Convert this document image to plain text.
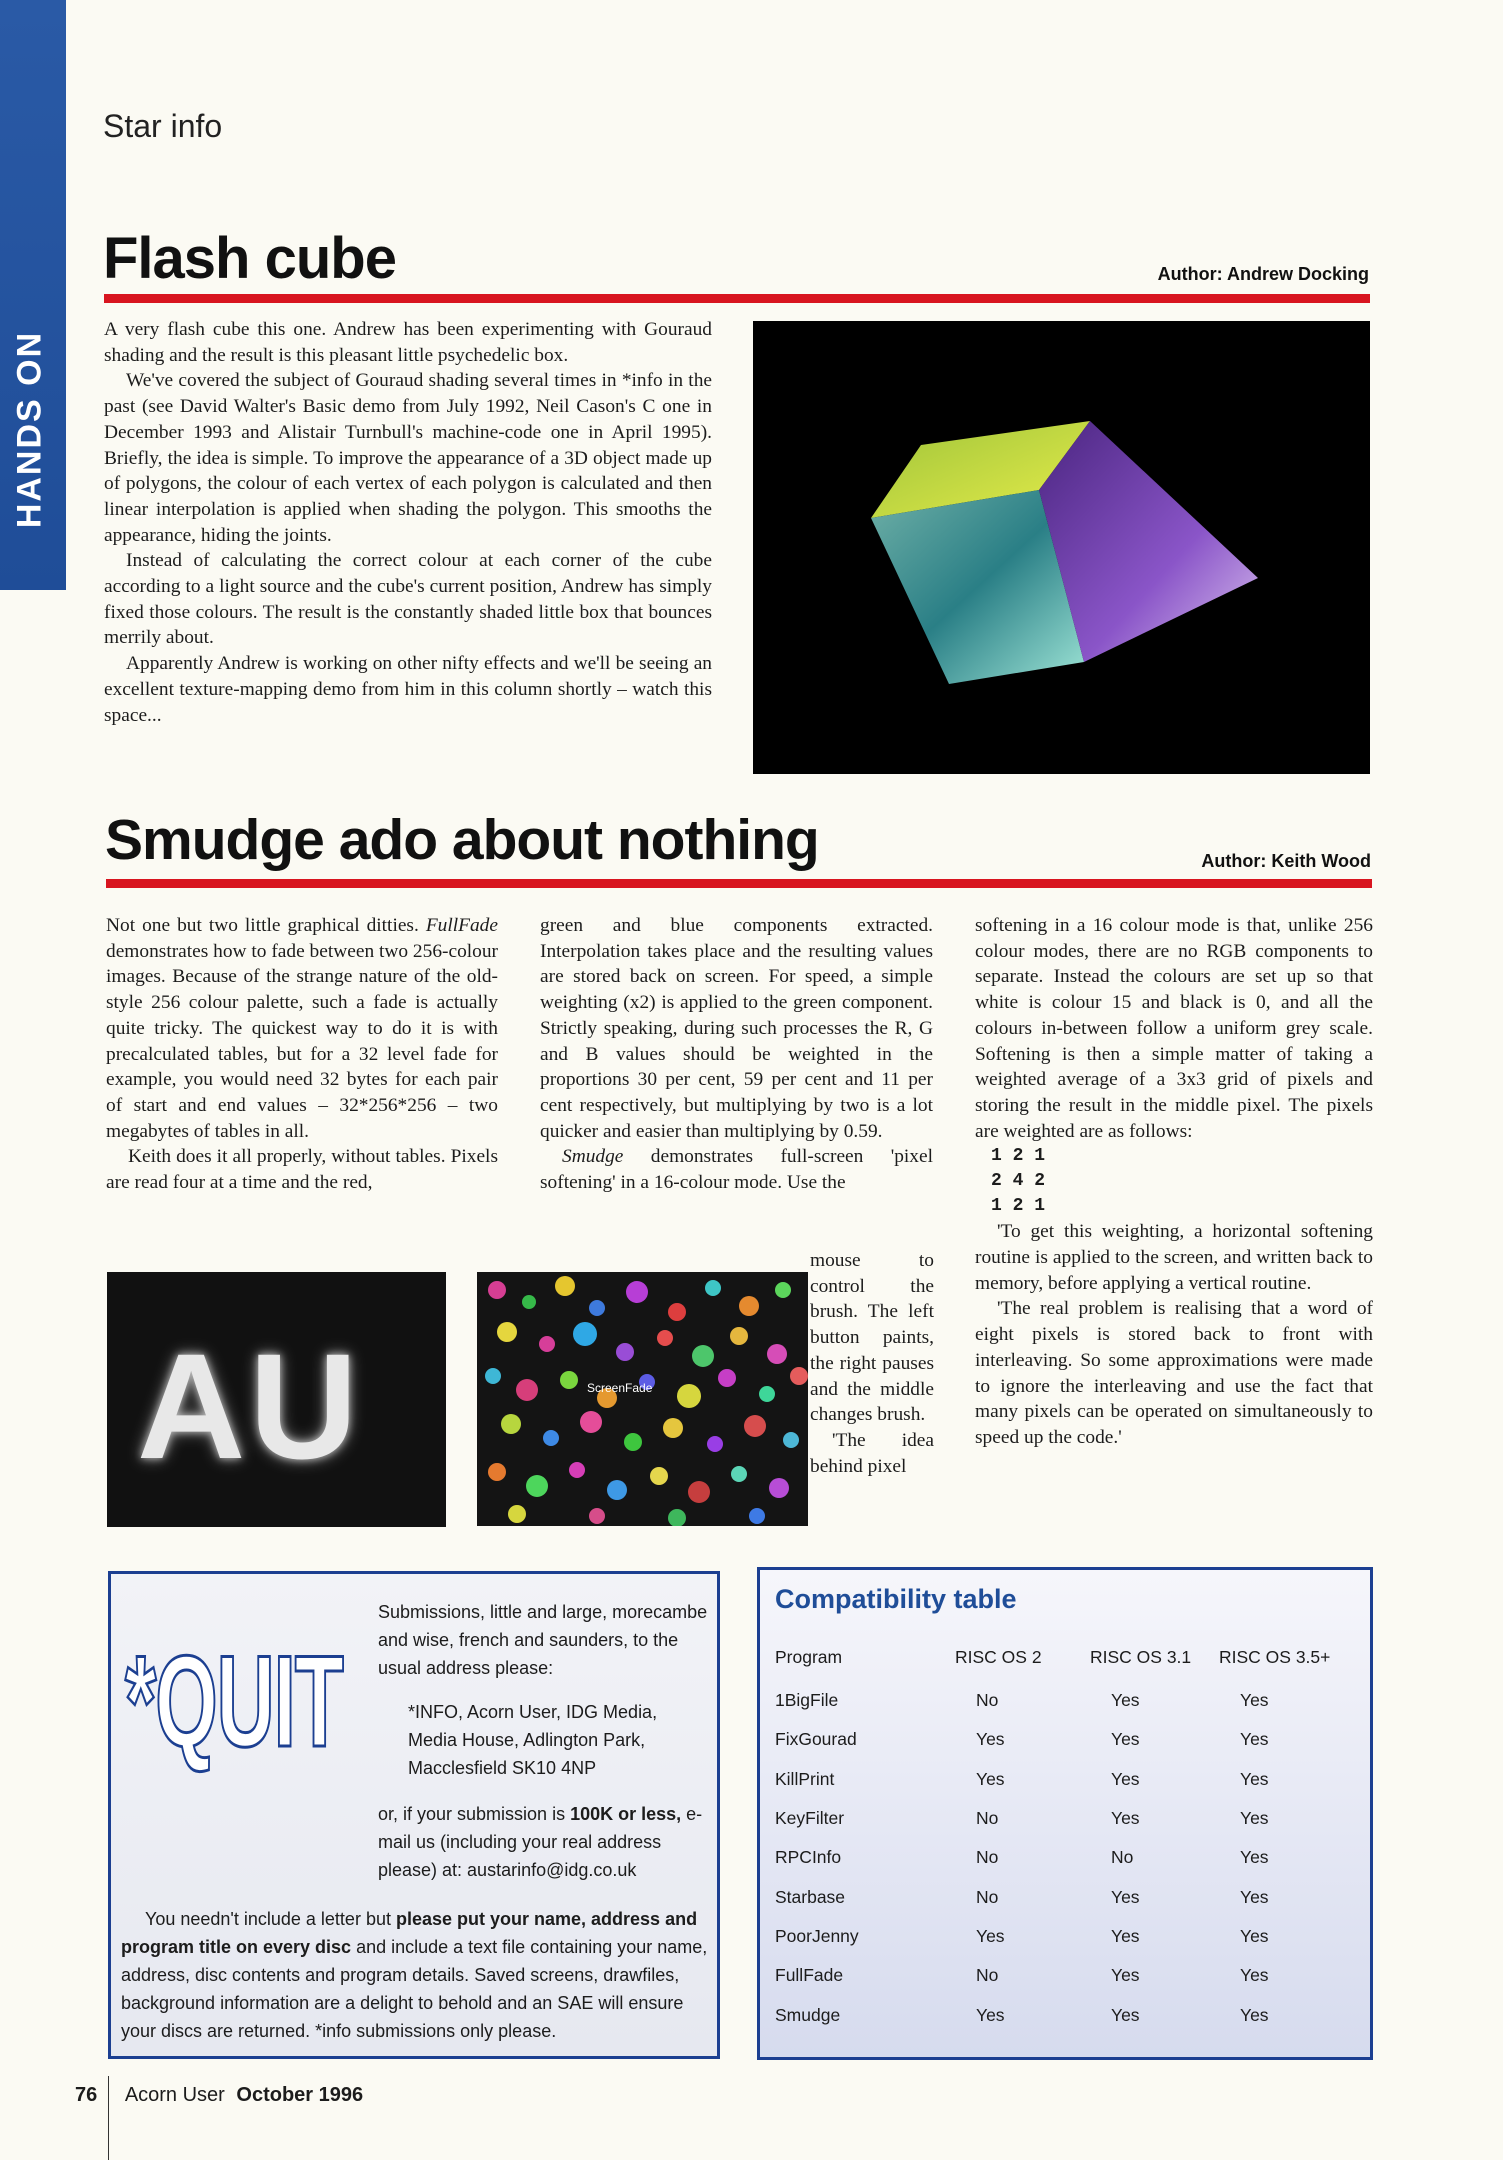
HANDS ON
Star info
Flash cube	Author: Andrew Docking

A very flash cube this one. Andrew has been experimenting with Gouraud shading and the result is this pleasant little psychedelic box.

We've covered the subject of Gouraud shading several times in *info in the past (see David Walter's Basic demo from July 1992, Neil Cason's C one in December 1993 and Alistair Turnbull's machine-code one in April 1995). Briefly, the idea is simple. To improve the appearance of a 3D object made up of polygons, the colour of each vertex of each polygon is calculated and then linear interpolation is applied when shading the polygon. This smooths the appearance, hiding the joints.

Instead of calculating the correct colour at each corner of the cube according to a light source and the cube's current position, Andrew has simply fixed those colours. The result is the constantly shaded little box that bounces merrily about.

Apparently Andrew is working on other nifty effects and we'll be seeing an excellent texture-mapping demo from him in this column shortly – watch this space...

Smudge ado about nothing	Author: Keith Wood

Not one but two little graphical ditties. FullFade demonstrates how to fade between two 256-colour images. Because of the strange nature of the old-style 256 colour palette, such a fade is actually quite tricky. The quickest way to do it is with precalculated tables, but for a 32 level fade for example, you would need 32 bytes for each pair of start and end values – 32*256*256 – two megabytes of tables in all.

Keith does it all properly, without tables. Pixels are read four at a time and the red,

green and blue components extracted. Interpolation takes place and the resulting values are stored back on screen. For speed, a simple weighting (x2) is applied to the green component. Strictly speaking, during such processes the R, G and B values should be weighted in the proportions 30 per cent, 59 per cent and 11 per cent respectively, but multiplying by two is a lot quicker and easier than multiplying by 0.59.

Smudge demonstrates full-screen 'pixel softening' in a 16-colour mode. Use the

mouse to control the brush. The left button paints, the right pauses and the middle changes brush.

'The idea behind pixel

softening in a 16 colour mode is that, unlike 256 colour modes, there are no RGB components to separate. Instead the colours are set up so that white is colour 15 and black is 0, and all the colours in-between follow a uniform grey scale. Softening is then a simple matter of taking a weighted average of a 3x3 grid of pixels and storing the result in the middle pixel. The pixels are weighted are as follows:

1 2 1
2 4 2
1 2 1

'To get this weighting, a horizontal softening routine is applied to the screen, and written back to memory, before applying a vertical routine.

'The real problem is realising that a word of eight pixels is stored back to front with interleaving. So some approximations were made to ignore the interleaving and use the fact that many pixels can be operated on simultaneously to speed up the code.'

AU	ScreenFade
*QUIT
Submissions, little and large, morecambe and wise, french and saunders, to the usual address please:
*INFO, Acorn User, IDG Media,
Media House, Adlington Park,
Macclesfield SK10 4NP
or, if your submission is 100K or less, e-mail us (including your real address please) at: austarinfo@idg.co.uk
You needn't include a letter but please put your name, address and program title on every disc and include a text file containing your name, address, disc contents and program details. Saved screens, drawfiles, background information are a delight to behold and an SAE will ensure your discs are returned. *info submissions only please.
Compatibility table
Program	RISC OS 2	RISC OS 3.1	RISC OS 3.5+
1BigFile	No	Yes	Yes
FixGourad	Yes	Yes	Yes
KillPrint	Yes	Yes	Yes
KeyFilter	No	Yes	Yes
RPCInfo	No	No	Yes
Starbase	No	Yes	Yes
PoorJenny	Yes	Yes	Yes
FullFade	No	Yes	Yes
Smudge	Yes	Yes	Yes
76 Acorn User October 1996
